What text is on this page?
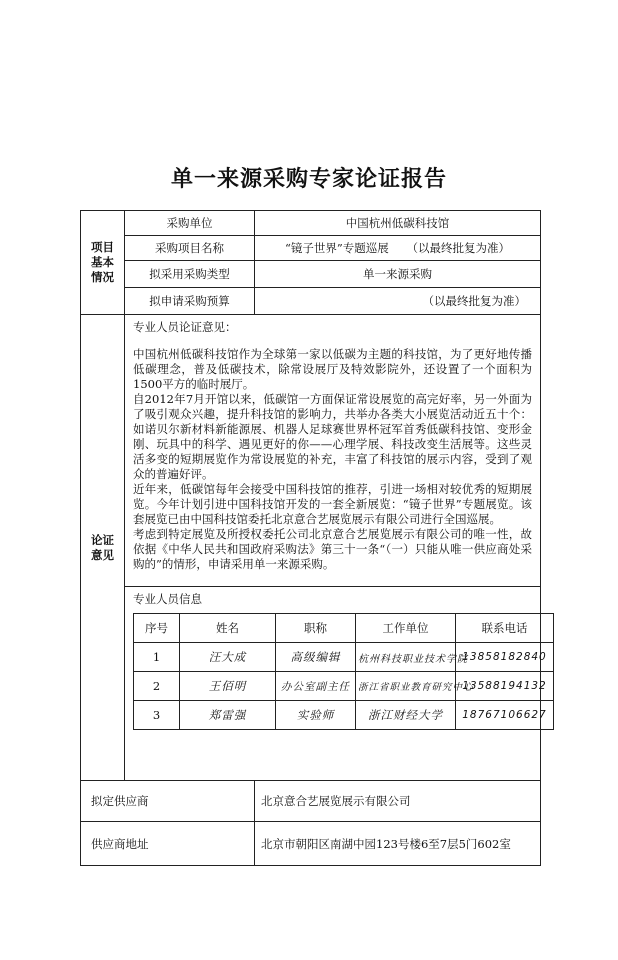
单一来源采购专家论证报告
项目
基本
情况
	采购单位	中国杭州低碳科技馆
采购项目名称	“镜子世界”专题巡展 （以最终批复为准）
拟采用采购类型	单一来源采购
拟申请采购预算	（以最终批复为准）

论证
意见

专业人员论证意见：

中国杭州低碳科技馆作为全球第一家以低碳为主题的科技馆，为了更好地传播低碳理念，普及低碳技术，除常设展厅及特效影院外，还设置了一个面积为1500平方的临时展厅。

自2012年7月开馆以来，低碳馆一方面保证常设展览的高完好率，另一外面为了吸引观众兴趣，提升科技馆的影响力，共举办各类大小展览活动近五十个：如诺贝尔新材料新能源展、机器人足球赛世界杯冠军首秀低碳科技馆、变形金刚、玩具中的科学、遇见更好的你——心理学展、科技改变生活展等。这些灵活多变的短期展览作为常设展览的补充，丰富了科技馆的展示内容，受到了观众的普遍好评。

近年来，低碳馆每年会接受中国科技馆的推荐，引进一场相对较优秀的短期展览。今年计划引进中国科技馆开发的一套全新展览：“镜子世界”专题展览。该套展览已由中国科技馆委托北京意合艺展览展示有限公司进行全国巡展。

考虑到特定展览及所授权委托公司北京意合艺展览展示有限公司的唯一性，故依据《中华人民共和国政府采购法》第三十一条“（一）只能从唯一供应商处采购的”的情形，申请采用单一来源采购。

专业人员信息
序号	姓名	职称	工作单位	联系电话
1	汪大成	高级编辑	杭州科技职业技术学院	13858182840
2	王佰明	办公室副主任	浙江省职业教育研究中心	13588194132
3	郑雷强	实验师	浙江财经大学	18767106627

拟定供应商	北京意合艺展览展示有限公司
供应商地址	北京市朝阳区南湖中园123号楼6至7层5门602室
